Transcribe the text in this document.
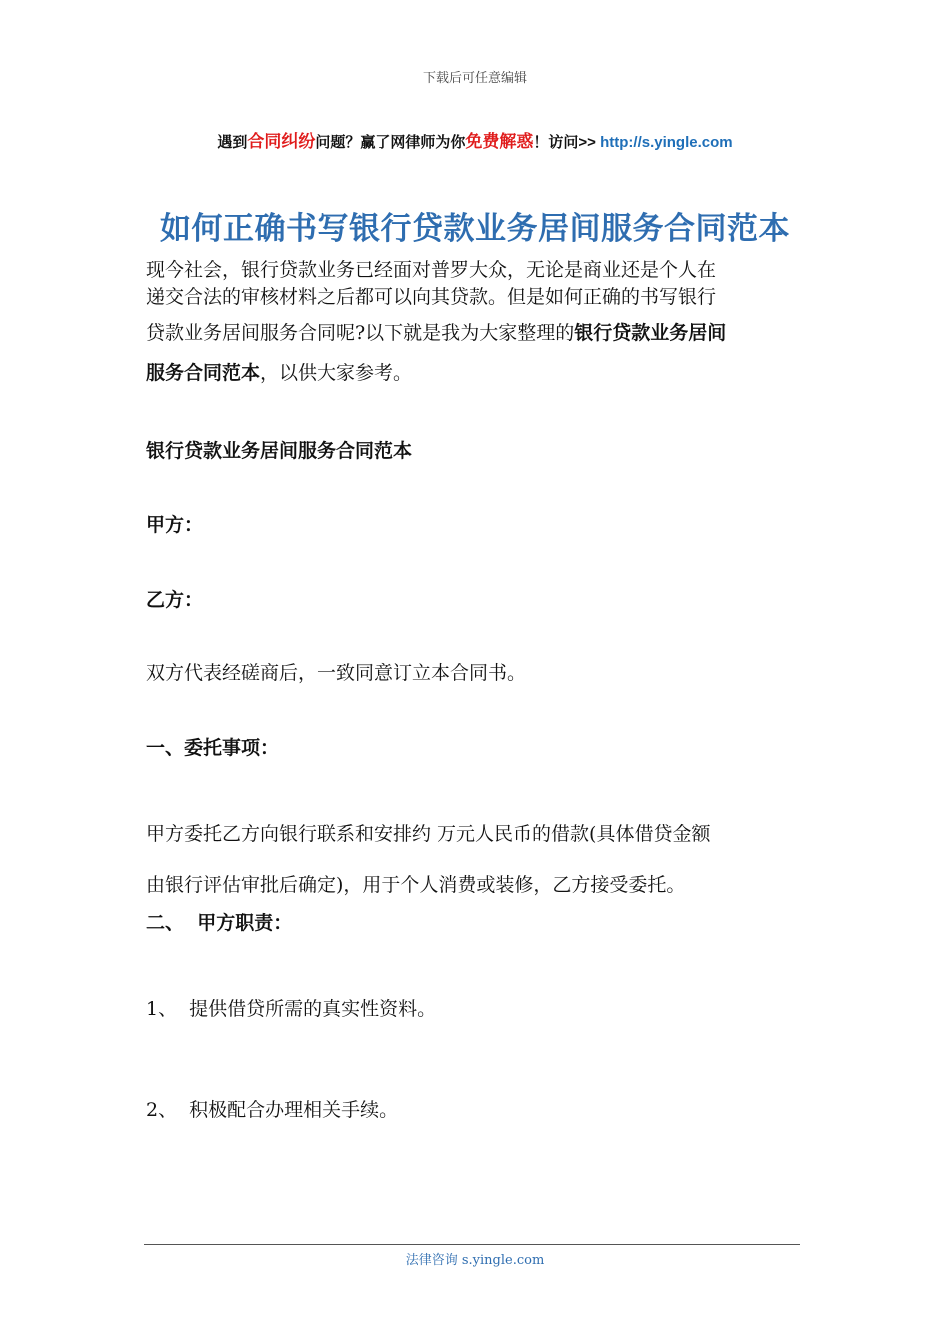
下载后可任意编辑
遇到合同纠纷问题？赢了网律师为你免费解惑！访问>> http://s.yingle.com
如何正确书写银行贷款业务居间服务合同范本
现今社会，银行贷款业务已经面对普罗大众，无论是商业还是个人在
递交合法的审核材料之后都可以向其贷款。但是如何正确的书写银行
贷款业务居间服务合同呢?以下就是我为大家整理的银行贷款业务居间
服务合同范本，以供大家参考。
银行贷款业务居间服务合同范本
甲方：
乙方：
双方代表经磋商后，一致同意订立本合同书。
一、委托事项：
甲方委托乙方向银行联系和安排约 万元人民币的借款(具体借贷金额
由银行评估审批后确定)，用于个人消费或装修，乙方接受委托。
二、  甲方职责：
1、  提供借贷所需的真实性资料。
2、  积极配合办理相关手续。
法律咨询 s.yingle.com
